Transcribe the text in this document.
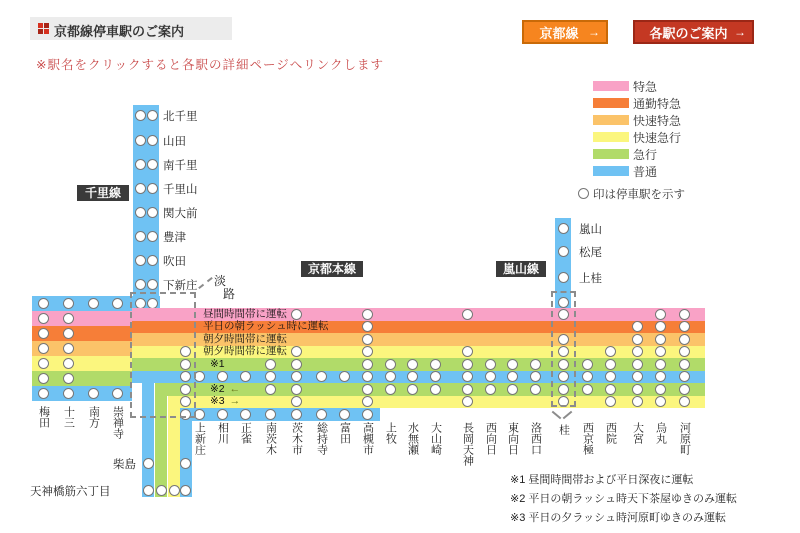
京都線停車駅のご案内
※駅名をクリックすると各駅の詳細ページへリンクします
京都線 →	各駅のご案内 →
特急
通勤特急
快速特急
快速急行
急行
普通
印は停車駅を示す
北千里
山田
南千里
千里山
関大前
豊津
吹田
下新庄
嵐山
松尾
上桂
柴島
天神橋筋六丁目
梅田 十三 南方 崇禅寺	上新庄 相川 正雀 南茨木 茨木市 総持寺 富田 高槻市 上牧 水無瀬 大山崎 長岡天神 西向日 東向日 洛西口 桂 西京極 西院 大宮 烏丸 河原町
淡
路
千里線
京都本線	嵐山線
昼間時間帯に運転
平日の朝ラッシュ時に運転
朝夕時間帯に運転
朝夕時間帯に運転
※1
※2 ←
※3 →
※1 昼間時間帯および平日深夜に運転
※2 平日の朝ラッシュ時天下茶屋ゆきのみ運転
※3 平日の夕ラッシュ時河原町ゆきのみ運転
